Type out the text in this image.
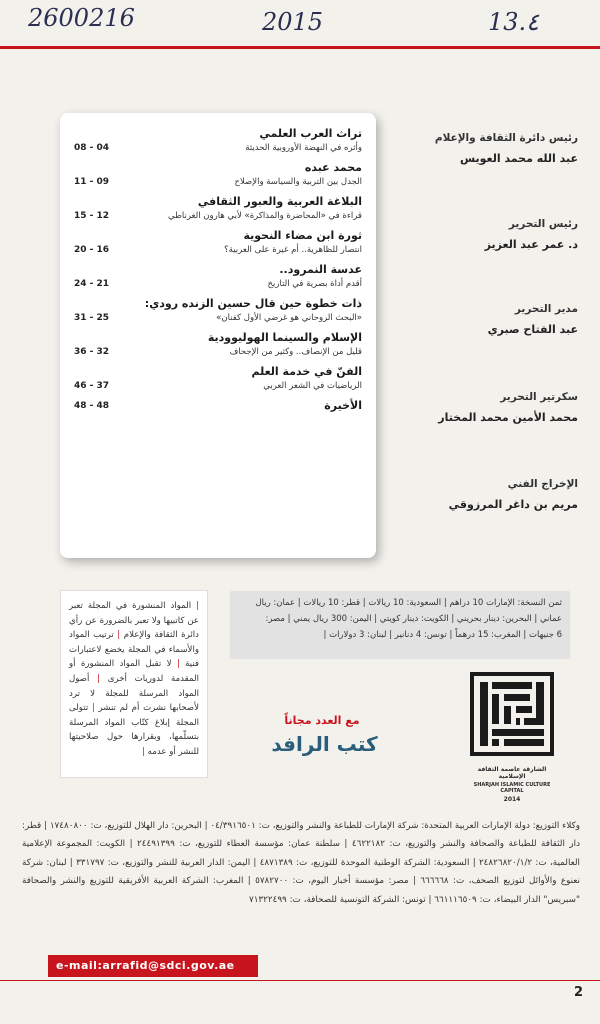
2600216	2015	13.٤
رئيس دائرة الثقافة والإعلام
عبد الله محمد العويس
رئيس التحرير
د. عمر عبد العزيز
مدير التحرير
عبد الفتاح صبري
سكرتير التحرير
محمد الأمين محمد المختار
الإخراج الفني
مريم بن داغر المرزوقي
تراث العرب العلمي
وأثره في النهضة الأوروبية الحديثة
08 - 04
محمد عبده
الجدل بين التربية والسياسة والإصلاح
11 - 09
البلاغة العربية والعبور الثقافي
قراءة في «المحاضرة والمذاكرة» لأبي هارون الغرناطي
15 - 12
ثورة ابن مضاء النحوية
انتصار للظاهرية.. أم غيرة على العربية؟
20 - 16
عدسة النمرود..
أقدم أداة بصرية في التاريخ
24 - 21
ذات خطوة حين قال حسين الزنده رودي:
«البحث الروحاني هو غرضي الأول كفنان»
31 - 25
الإسلام والسينما الهوليوودية
قليل من الإنصاف.. وكثير من الإجحاف
36 - 32
الفنّ في خدمة العلم
الرياضيات في الشعر العربي
46 - 37
الأخيرة
48 - 48
| المواد المنشورة في المجلة تعبر عن كاتبيها ولا تعبر بالضرورة عن رأي دائرة الثقافة والإعلام | ترتيب المواد والأسماء في المجلة يخضع لاعتبارات فنية | لا تقبل المواد المنشورة أو المقدمة لدوريات أخرى | أصول المواد المرسلة للمجلة لا ترد لأصحابها نشرت أم لم تنشر | تتولى المجلة إبلاغ كتّاب المواد المرسلة بتسلّمها، وبقرارها حول صلاحيتها للنشر أو عدمه |
ثمن النسخة: الإمارات 10 دراهم | السعودية: 10 ريالات | قطر: 10 ريالات | عمان: ريال
عماني | البحرين: دينار بحريني | الكويت: دينار كويتي | اليمن: 300 ريال يمني | مصر:
6 جنيهات | المغرب: 15 درهماً | تونس: 4 دنانير | لبنان: 3 دولارات |
مع العدد مجاناً
كتب الرافد
الشارقة عاصمة الثقافة الإسلامية
SHARJAH ISLAMIC CULTURE CAPITAL
2014
وكلاء التوزيع: دولة الإمارات العربية المتحدة: شركة الإمارات للطباعة والنشر والتوزيع، ت: ٠٤/٣٩١٦٥٠١ | البحرين: دار الهلال للتوزيع، ت: ١٧٤٨٠٨٠٠ | قطر: دار الثقافة للطباعة والصحافة والنشر والتوزيع، ت: ٤٦٢٢١٨٢ | سلطنة عمان: مؤسسة العطاء للتوزيع، ت: ٢٤٤٩١٣٩٩ | الكويت: المجموعة الإعلامية العالمية، ت: ٢٤٨٢٦٨٢٠/١/٢ | السعودية: الشركة الوطنية الموحدة للتوزيع، ت: ٤٨٧١٣٨٩ | اليمن: الدار العربية للنشر والتوزيع، ت: ٣٣١٧٩٧ | لبنان: شركة نعنوع والأوائل لتوزيع الصحف، ت: ٦٦٦٦٦٨ | مصر: مؤسسة أخبار اليوم، ت: ٥٧٨٢٧٠٠ | المغرب: الشركة العربية الأفريقية للتوزيع والنشر والصحافة "سبريس" الدار البيضاء، ت: ٦٦١١١٦٥٠٩ | تونس: الشركة التونسية للصحافة، ت: ٧١٣٢٢٤٩٩
e-mail:arrafid@sdci.gov.ae
2
